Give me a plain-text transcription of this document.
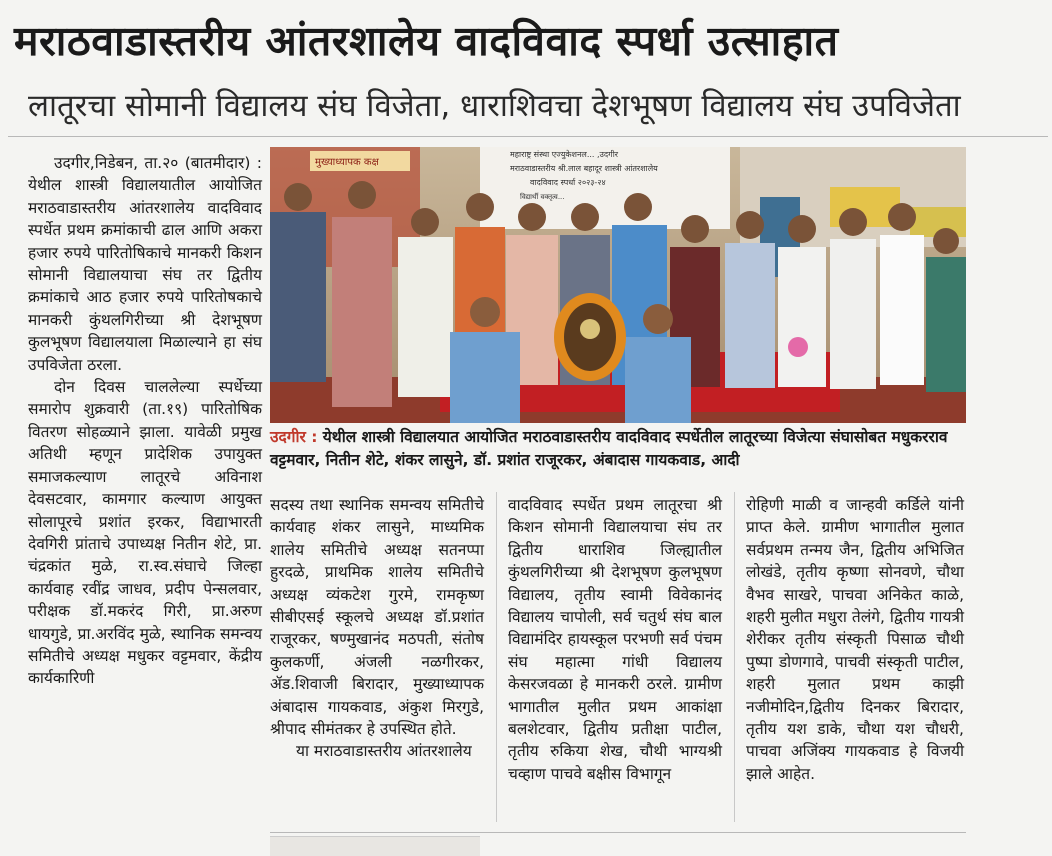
मराठवाडास्तरीय आंतरशालेय वादविवाद स्पर्धा उत्साहात
लातूरचा सोमानी विद्यालय संघ विजेता, धाराशिवचा देशभूषण विद्यालय संघ उपविजेता

उदगीर,निडेबन, ता.२० (बातमीदार) : येथील शास्त्री विद्यालयातील आयोजित मराठवाडास्तरीय आंतरशालेय वादविवाद स्पर्धेत प्रथम क्रमांकाची ढाल आणि अकरा हजार रुपये पारितोषिकाचे मानकरी किशन सोमानी विद्यालयाचा संघ तर द्वितीय क्रमांकाचे आठ हजार रुपये पारितोषकाचे मानकरी कुंथलगिरीच्या श्री देशभूषण कुलभूषण विद्यालयाला मिळाल्याने हा संघ उपविजेता ठरला.

दोन दिवस चाललेल्या स्पर्धेच्या समारोप शुक्रवारी (ता.१९) पारितोषिक वितरण सोहळ्याने झाला. यावेळी प्रमुख अतिथी म्हणून प्रादेशिक उपायुक्त समाजकल्याण लातूरचे अविनाश देवसटवार, कामगार कल्याण आयुक्त सोलापूरचे प्रशांत इरकर, विद्याभारती देवगिरी प्रांताचे उपाध्यक्ष नितीन शेटे, प्रा. चंद्रकांत मुळे, रा.स्व.संघाचे जिल्हा कार्यवाह रवींद्र जाधव, प्रदीप पेन्सलवार, परीक्षक डॉ.मकरंद गिरी, प्रा.अरुण धायगुडे, प्रा.अरविंद मुळे, स्थानिक समन्वय समितीचे अध्यक्ष मधुकर वट्टमवार, केंद्रीय कार्यकारिणी

मुख्याध्यापक कक्ष
महाराष्ट्र संस्था एज्युकेशनल... ,उदगीर
मराठवाडास्तरीय श्री.लाल बहादूर शास्त्री आंतरशालेय
वादविवाद स्पर्धा २०२३-२४
विद्यार्थी वक्तृत्व...
उदगीर : येथील शास्त्री विद्यालयात आयोजित मराठवाडास्तरीय वादविवाद स्पर्धेतील लातूरच्या विजेत्या संघासोबत मधुकरराव वट्टमवार, नितीन शेटे, शंकर लासुने, डॉ. प्रशांत राजूरकर, अंबादास गायकवाड, आदी

सदस्य तथा स्थानिक समन्वय समितीचे कार्यवाह शंकर लासुने, माध्यमिक शालेय समितीचे अध्यक्ष सतनप्पा हुरदळे, प्राथमिक शालेय समितीचे अध्यक्ष व्यंकटेश गुरमे, रामकृष्ण सीबीएसई स्कूलचे अध्यक्ष डॉ.प्रशांत राजूरकर, षण्मुखानंद मठपती, संतोष कुलकर्णी, अंजली नळगीरकर, ॲड.शिवाजी बिरादार, मुख्याध्यापक अंबादास गायकवाड, अंकुश मिरगुडे, श्रीपाद सीमंतकर हे उपस्थित होते.

या मराठवाडास्तरीय आंतरशालेय

वादविवाद स्पर्धेत प्रथम लातूरचा श्री किशन सोमानी विद्यालयाचा संघ तर द्वितीय धाराशिव जिल्ह्यातील कुंथलगिरीच्या श्री देशभूषण कुलभूषण विद्यालय, तृतीय स्वामी विवेकानंद विद्यालय चापोली, सर्व चतुर्थ संघ बाल विद्यामंदिर हायस्कूल परभणी सर्व पंचम संघ महात्मा गांधी विद्यालय केसरजवळा हे मानकरी ठरले. ग्रामीण भागातील मुलीत प्रथम आकांक्षा बलशेटवार, द्वितीय प्रतीक्षा पाटील, तृतीय रुकिया शेख, चौथी भाग्यश्री चव्हाण पाचवे बक्षीस विभागून

रोहिणी माळी व जान्हवी कर्डिले यांनी प्राप्त केले. ग्रामीण भागातील मुलात सर्वप्रथम तन्मय जैन, द्वितीय अभिजित लोखंडे, तृतीय कृष्णा सोनवणे, चौथा वैभव साखरे, पाचवा अनिकेत काळे, शहरी मुलीत मधुरा तेलंगे, द्वितीय गायत्री शेरीकर तृतीय संस्कृती पिसाळ चौथी पुष्पा डोणगावे, पाचवी संस्कृती पाटील, शहरी मुलात प्रथम काझी नजीमोदिन,द्वितीय दिनकर बिरादार, तृतीय यश डाके, चौथा यश चौधरी, पाचवा अजिंक्य गायकवाड हे विजयी झाले आहेत.
